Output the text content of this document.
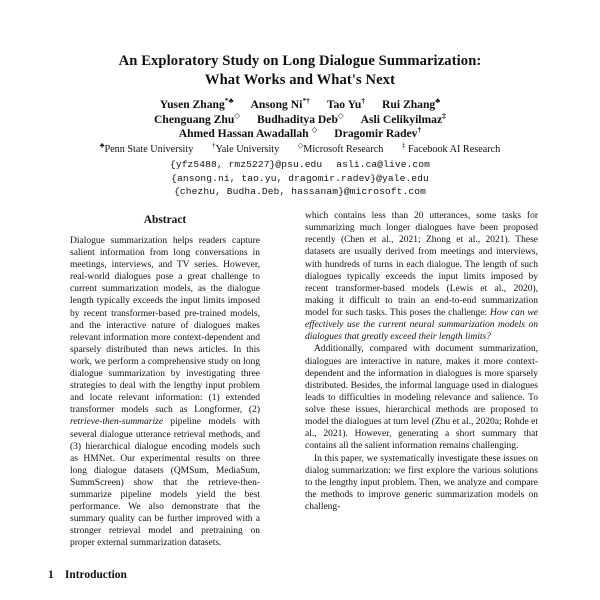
An Exploratory Study on Long Dialogue Summarization:
What Works and What's Next
Yusen Zhang*♣ Ansong Ni*† Tao Yu† Rui Zhang♣
Chenguang Zhu◇ Budhaditya Deb◇ Asli Celikyilmaz‡
Ahmed Hassan Awadallah ◇ Dragomir Radev†
♣Penn State University	†Yale University	◇Microsoft Research	‡ Facebook AI Research
{yfz5488, rmz5227}@psu.edu asli.ca@live.com
{ansong.ni, tao.yu, dragomir.radev}@yale.edu
{chezhu, Budha.Deb, hassanam}@microsoft.com
Abstract

Dialogue summarization helps readers capture salient information from long conversations in meetings, interviews, and TV series. However, real-world dialogues pose a great challenge to current summarization models, as the dialogue length typically exceeds the input limits imposed by recent transformer-based pre-trained models, and the interactive nature of dialogues makes relevant information more context-dependent and sparsely distributed than news articles. In this work, we perform a comprehensive study on long dialogue summarization by investigating three strategies to deal with the lengthy input problem and locate relevant information: (1) extended transformer models such as Longformer, (2) retrieve-then-summarize pipeline models with several dialogue utterance retrieval methods, and (3) hierarchical dialogue encoding models such as HMNet. Our experimental results on three long dialogue datasets (QMSum, MediaSum, SummScreen) show that the retrieve-then-summarize pipeline models yield the best performance. We also demonstrate that the summary quality can be further improved with a stronger retrieval model and pretraining on proper external summarization datasets.

1 Introduction

which contains less than 20 utterances, some tasks for summarizing much longer dialogues have been proposed recently (Chen et al., 2021; Zhong et al., 2021). These datasets are usually derived from meetings and interviews, with hundreds of turns in each dialogue. The length of such dialogues typically exceeds the input limits imposed by recent transformer-based models (Lewis et al., 2020), making it difficult to train an end-to-end summarization model for such tasks. This poses the challenge: How can we effectively use the current neural summarization models on dialogues that greatly exceed their length limits?

Additionally, compared with document summarization, dialogues are interactive in nature, makes it more context-dependent and the information in dialogues is more sparsely distributed. Besides, the informal language used in dialogues leads to difficulties in modeling relevance and salience. To solve these issues, hierarchical methods are proposed to model the dialogues at turn level (Zhu et al., 2020a; Rohde et al., 2021). However, generating a short summary that contains all the salient information remains challenging.

In this paper, we systematically investigate these issues on dialog summarization: we first explore the various solutions to the lengthy input problem. Then, we analyze and compare the methods to improve generic summarization models on challeng-
